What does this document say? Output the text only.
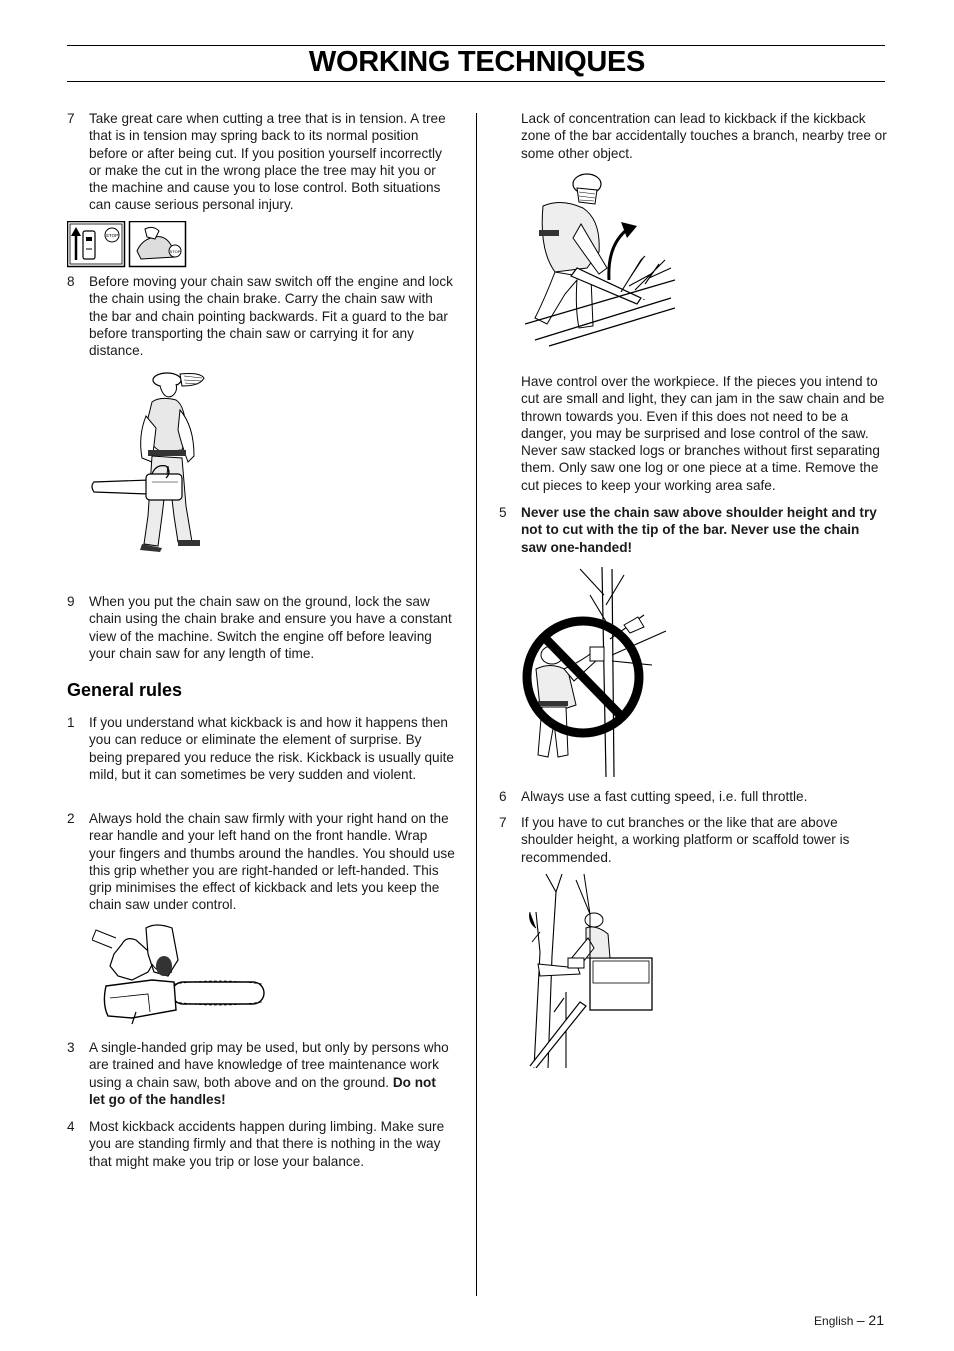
WORKING TECHNIQUES
7 Take great care when cutting a tree that is in tension. A tree that is in tension may spring back to its normal position before or after being cut. If you position yourself incorrectly or make the cut in the wrong place the tree may hit you or the machine and cause you to lose control. Both situations can cause serious personal injury.
STOP
STOP
8 Before moving your chain saw switch off the engine and lock the chain using the chain brake. Carry the chain saw with the bar and chain pointing backwards. Fit a guard to the bar before transporting the chain saw or carrying it for any distance.
9 When you put the chain saw on the ground, lock the saw chain using the chain brake and ensure you have a constant view of the machine. Switch the engine off before leaving your chain saw for any length of time.
General rules
1 If you understand what kickback is and how it happens then you can reduce or eliminate the element of surprise. By being prepared you reduce the risk. Kickback is usually quite mild, but it can sometimes be very sudden and violent.
2 Always hold the chain saw firmly with your right hand on the rear handle and your left hand on the front handle. Wrap your fingers and thumbs around the handles. You should use this grip whether you are right-handed or left-handed. This grip minimises the effect of kickback and lets you keep the chain saw under control.
3 A single-handed grip may be used, but only by persons who are trained and have knowledge of tree maintenance work using a chain saw, both above and on the ground. Do not let go of the handles!
4 Most kickback accidents happen during limbing. Make sure you are standing firmly and that there is nothing in the way that might make you trip or lose your balance.
Lack of concentration can lead to kickback if the kickback zone of the bar accidentally touches a branch, nearby tree or some other object.
Have control over the workpiece. If the pieces you intend to cut are small and light, they can jam in the saw chain and be thrown towards you. Even if this does not need to be a danger, you may be surprised and lose control of the saw. Never saw stacked logs or branches without first separating them. Only saw one log or one piece at a time. Remove the cut pieces to keep your working area safe.
5 Never use the chain saw above shoulder height and try not to cut with the tip of the bar. Never use the chain saw one-handed!
6 Always use a fast cutting speed, i.e. full throttle.
7 If you have to cut branches or the like that are above shoulder height, a working platform or scaffold tower is recommended.
English – 21
